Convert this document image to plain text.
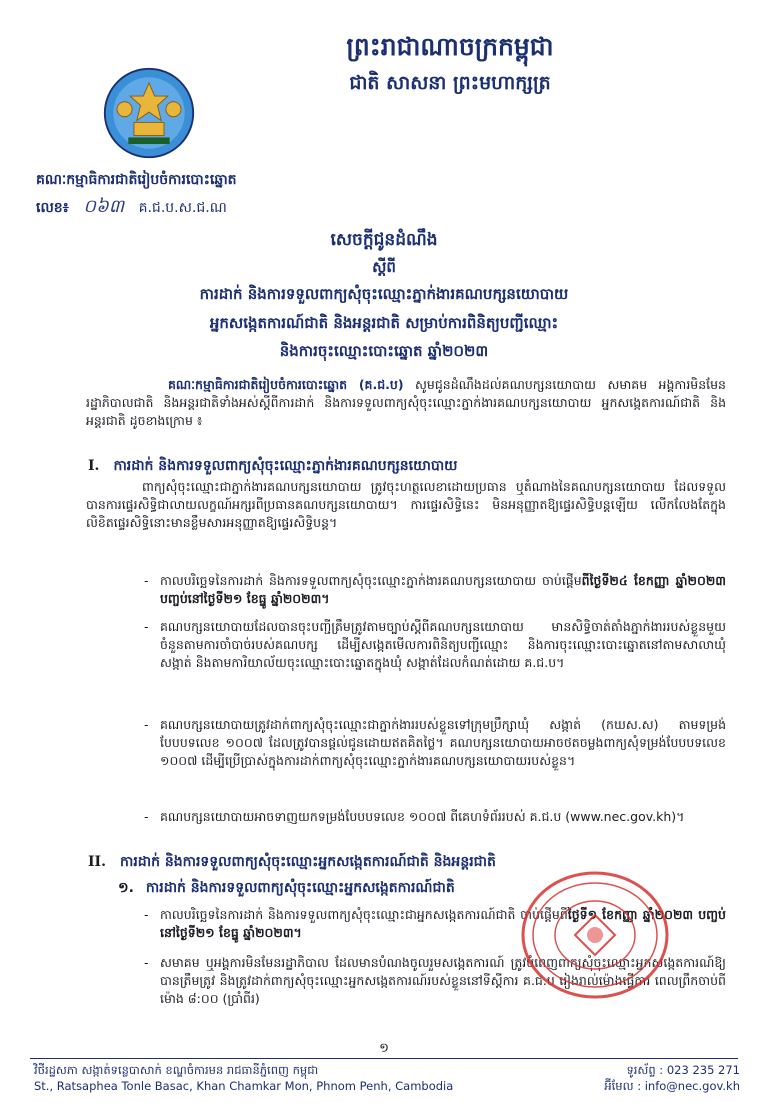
ព្រះរាជាណាចក្រកម្ពុជា
ជាតិ សាសនា ព្រះមហាក្សត្រ
គណៈកម្មាធិការជាតិរៀបចំការបោះឆ្នោត
លេខ៖ ០៦៣ គ.ជ.ប.ស.ជ.ណ
សេចក្តីជូនដំណឹង
ស្តីពី
ការដាក់ និងការទទួលពាក្យសុំចុះឈ្មោះភ្នាក់ងារគណបក្សនយោបាយ
អ្នកសង្កេតការណ៍ជាតិ និងអន្តរជាតិ សម្រាប់ការពិនិត្យបញ្ជីឈ្មោះ
និងការចុះឈ្មោះបោះឆ្នោត ឆ្នាំ២០២៣
គណៈកម្មាធិការជាតិរៀបចំការបោះឆ្នោត (គ.ជ.ប) សូមជូនដំណឹងដល់គណបក្សនយោបាយ សមាគម អង្គការមិនមែនរដ្ឋាភិបាលជាតិ និងអន្តរជាតិទាំងអស់ស្តីពីការដាក់ និងការទទួលពាក្យសុំចុះឈ្មោះភ្នាក់ងារគណបក្សនយោបាយ អ្នកសង្កេតការណ៍ជាតិ និងអន្តរជាតិ ដូចខាងក្រោម ៖
I. ការដាក់ និងការទទួលពាក្យសុំចុះឈ្មោះភ្នាក់ងារគណបក្សនយោបាយ
ពាក្យសុំចុះឈ្មោះជាភ្នាក់ងារគណបក្សនយោបាយ ត្រូវចុះហត្ថលេខាដោយប្រធាន ឬតំណាងនៃគណបក្សនយោបាយ ដែលទទួលបានការផ្ទេរសិទ្ធិជាលាយលក្ខណ៍អក្សរពីប្រធានគណបក្សនយោបាយ។ ការផ្ទេរសិទ្ធិនេះ មិនអនុញ្ញាតឱ្យផ្ទេរសិទ្ធិបន្តឡើយ លើកលែងតែក្នុងលិខិតផ្ទេរសិទ្ធិនោះមានខ្លឹមសារអនុញ្ញាតឱ្យផ្ទេរសិទ្ធិបន្ត។
- កាលបរិច្ឆេទនៃការដាក់ និងការទទួលពាក្យសុំចុះឈ្មោះភ្នាក់ងារគណបក្សនយោបាយ ចាប់ផ្តើមពីថ្ងៃទី២៤ ខែកញ្ញា ឆ្នាំ២០២៣ បញ្ចប់នៅថ្ងៃទី២១ ខែធ្នូ ឆ្នាំ២០២៣។
- គណបក្សនយោបាយដែលបានចុះបញ្ជីត្រឹមត្រូវតាមច្បាប់ស្តីពីគណបក្សនយោបាយ មានសិទ្ធិចាត់តាំងភ្នាក់ងាររបស់ខ្លួនមួយចំនួនតាមការចាំបាច់របស់គណបក្ស ដើម្បីសង្កេតមើលការពិនិត្យបញ្ជីឈ្មោះ និងការចុះឈ្មោះបោះឆ្នោតនៅតាមសាលាឃុំ សង្កាត់ និងតាមការិយាល័យចុះឈ្មោះបោះឆ្នោតក្នុងឃុំ សង្កាត់ដែលកំណត់ដោយ គ.ជ.ប។
- គណបក្សនយោបាយត្រូវដាក់ពាក្យសុំចុះឈ្មោះជាភ្នាក់ងាររបស់ខ្លួនទៅក្រុមប្រឹក្សាឃុំ សង្កាត់ (កឃស.ស) តាមទម្រង់បែបបទលេខ ១០០៧ ដែលត្រូវបានផ្តល់ជូនដោយឥតគិតថ្លៃ។ គណបក្សនយោបាយអាចថតចម្លងពាក្យសុំទម្រង់បែបបទលេខ ១០០៧ ដើម្បីប្រើប្រាស់ក្នុងការដាក់ពាក្យសុំចុះឈ្មោះភ្នាក់ងារគណបក្សនយោបាយរបស់ខ្លួន។
- គណបក្សនយោបាយអាចទាញយកទម្រង់បែបបទលេខ ១០០៧ ពីគេហទំព័ររបស់ គ.ជ.ប (www.nec.gov.kh)។
II. ការដាក់ និងការទទួលពាក្យសុំចុះឈ្មោះអ្នកសង្កេតការណ៍ជាតិ និងអន្តរជាតិ
១. ការដាក់ និងការទទួលពាក្យសុំចុះឈ្មោះអ្នកសង្កេតការណ៍ជាតិ
- កាលបរិច្ឆេទនៃការដាក់ និងការទទួលពាក្យសុំចុះឈ្មោះជាអ្នកសង្កេតការណ៍ជាតិ ចាប់ផ្តើមពីថ្ងៃទី១ ខែកញ្ញា ឆ្នាំ២០២៣ បញ្ចប់នៅថ្ងៃទី២១ ខែធ្នូ ឆ្នាំ២០២៣។
- សមាគម ឬអង្គការមិនមែនរដ្ឋាភិបាល ដែលមានបំណងចូលរួមសង្កេតការណ៍ ត្រូវបំពេញពាក្យសុំចុះឈ្មោះអ្នកសង្កេតការណ៍ឱ្យបានត្រឹមត្រូវ និងត្រូវដាក់ពាក្យសុំចុះឈ្មោះអ្នកសង្កេតការណ៍របស់ខ្លួននៅទីស្តីការ គ.ជ.ប រៀងរាល់ម៉ោងធ្វើការ ពេលព្រឹកចាប់ពីម៉ោង ៨:០០ (ប្រាំពីរ)
១
វិថីរដ្ឋសភា សង្កាត់ទន្លេបាសាក់ ខណ្ឌចំការមន រាជធានីភ្នំពេញ កម្ពុជា
St., Ratsaphea Tonle Basac, Khan Chamkar Mon, Phnom Penh, Cambodia
ទូរស័ព្ទ : 023 235 271
អ៊ីមែល : info@nec.gov.kh
